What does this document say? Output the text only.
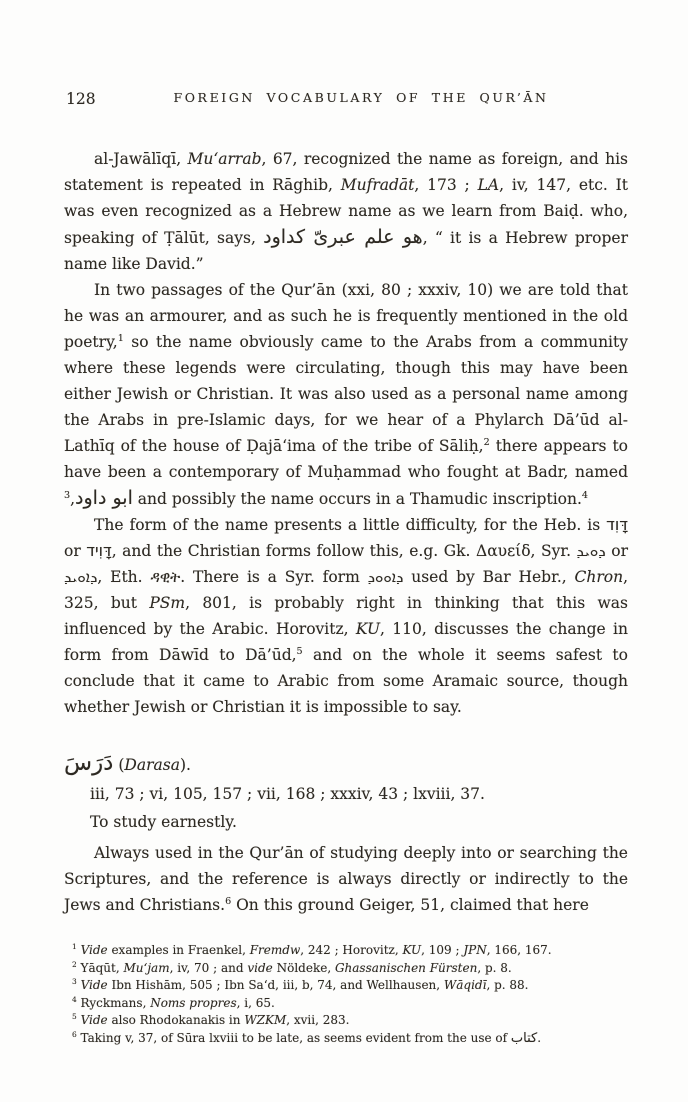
128	FOREIGN VOCABULARY OF THE QUR’ĀN

al-Jawālīqī, Mu‘arrab, 67, recognized the name as foreign, and his statement is repeated in Rāghib, Mufradāt, 173 ; LA, iv, 147, etc. It was even recognized as a Hebrew name as we learn from Baiḍ. who, speaking of Ṭālūt, says, هو علم عبرىّ كداود, “ it is a Hebrew proper name like David.”

In two passages of the Qur’ān (xxi, 80 ; xxxiv, 10) we are told that he was an armourer, and as such he is frequently mentioned in the old poetry,$^1$ so the name obviously came to the Arabs from a community where these legends were circulating, though this may have been either Jewish or Christian. It was also used as a personal name among the Arabs in pre-Islamic days, for we hear of a Phylarch Dā’ūd al-Lathīq of the house of Ḍajā‘ima of the tribe of Sāliḥ,$^2$ there appears to have been a contemporary of Muḥammad who fought at Badr, named ابو داود,$^3$	and possibly the name occurs in a Thamudic inscription.$^4$

The form of the name presents a little difficulty, for the Heb. is דָּוִד or דָּוִיד, and the Christian forms follow this, e.g. Gk. Δαυείδ, Syr. ܕܘܝܕ or ܕܐܘܝܕ, Eth. ዳዊት. There is a Syr. form ܕܐܘܘܕ used by Bar Hebr., Chron, 325, but PSm, 801, is probably right in thinking that this was influenced by the Arabic. Horovitz, KU, 110, discusses the change in form from Dāwīd to Dā’ūd,$^5$ and on the whole it seems safest to conclude that it came to Arabic from some Aramaic source, though whether Jewish or Christian it is impossible to say.

دَرَسَ (Darasa).

iii, 73 ; vi, 105, 157 ; vii, 168 ; xxxiv, 43 ; lxviii, 37.

To study earnestly.

Always used in the Qur’ān of studying deeply into or searching the Scriptures, and the reference is always directly or indirectly to the Jews and Christians.$^6$ On this ground Geiger, 51, claimed that here

$^1$ Vide examples in Fraenkel, Fremdw, 242 ; Horovitz, KU, 109 ; JPN, 166, 167.

$^2$ Yāqūt, Mu‘jam, iv, 70 ; and vide Nöldeke, Ghassanischen Fürsten, p. 8.

$^3$ Vide Ibn Hishām, 505 ; Ibn Sa‘d, iii, b, 74, and Wellhausen, Wāqidī, p. 88.

$^4$ Ryckmans, Noms propres, i, 65.

$^5$ Vide also Rhodokanakis in WZKM, xvii, 283.

$^6$ Taking v, 37, of Sūra lxviii to be late, as seems evident from the use of كتاب.
